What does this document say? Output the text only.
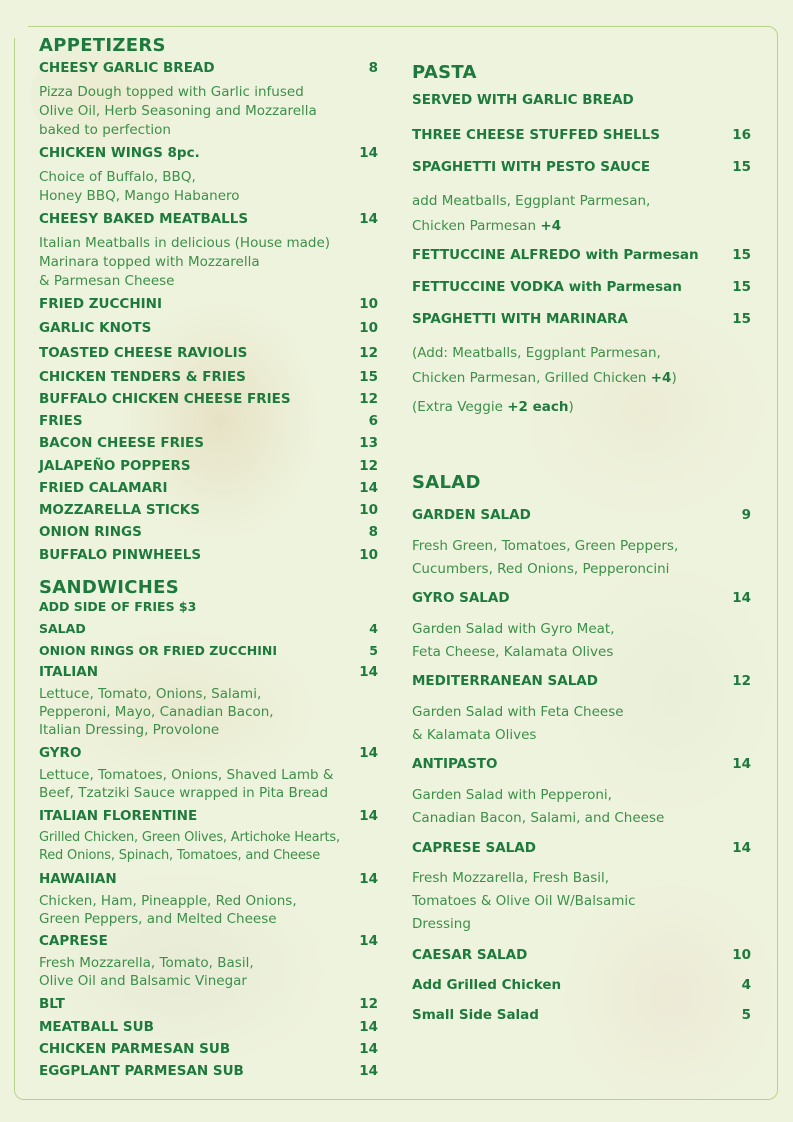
APPETIZERS
CHEESY GARLIC BREAD	8
Pizza Dough topped with Garlic infused
Olive Oil, Herb Seasoning and Mozzarella
baked to perfection
CHICKEN WINGS 8pc.	14
Choice of Buffalo, BBQ,
Honey BBQ, Mango Habanero
CHEESY BAKED MEATBALLS	14
Italian Meatballs in delicious (House made)
Marinara topped with Mozzarella
& Parmesan Cheese
FRIED ZUCCHINI	10
GARLIC KNOTS	10
TOASTED CHEESE RAVIOLIS	12
CHICKEN TENDERS & FRIES	15
BUFFALO CHICKEN CHEESE FRIES	12
FRIES	6
BACON CHEESE FRIES	13
JALAPEÑO POPPERS	12
FRIED CALAMARI	14
MOZZARELLA STICKS	10
ONION RINGS	8
BUFFALO PINWHEELS	10
SANDWICHES
ADD SIDE OF FRIES $3
SALAD	4
ONION RINGS OR FRIED ZUCCHINI	5
ITALIAN	14
Lettuce, Tomato, Onions, Salami,
Pepperoni, Mayo, Canadian Bacon,
Italian Dressing, Provolone
GYRO	14
Lettuce, Tomatoes, Onions, Shaved Lamb &
Beef, Tzatziki Sauce wrapped in Pita Bread
ITALIAN FLORENTINE	14
Grilled Chicken, Green Olives, Artichoke Hearts,
Red Onions, Spinach, Tomatoes, and Cheese
HAWAIIAN	14
Chicken, Ham, Pineapple, Red Onions,
Green Peppers, and Melted Cheese
CAPRESE	14
Fresh Mozzarella, Tomato, Basil,
Olive Oil and Balsamic Vinegar
BLT	12
MEATBALL SUB	14
CHICKEN PARMESAN SUB	14
EGGPLANT PARMESAN SUB	14
PASTA
SERVED WITH GARLIC BREAD
THREE CHEESE STUFFED SHELLS	16
SPAGHETTI WITH PESTO SAUCE	15
add Meatballs, Eggplant Parmesan,
Chicken Parmesan +4
FETTUCCINE ALFREDO with Parmesan 15
FETTUCCINE VODKA with Parmesan	15
SPAGHETTI WITH MARINARA	15
(Add: Meatballs, Eggplant Parmesan,
Chicken Parmesan, Grilled Chicken +4)
(Extra Veggie +2 each)
SALAD
GARDEN SALAD	9
Fresh Green, Tomatoes, Green Peppers,
Cucumbers, Red Onions, Pepperoncini
GYRO SALAD	14
Garden Salad with Gyro Meat,
Feta Cheese, Kalamata Olives
MEDITERRANEAN SALAD	12
Garden Salad with Feta Cheese
& Kalamata Olives
ANTIPASTO	14
Garden Salad with Pepperoni,
Canadian Bacon, Salami, and Cheese
CAPRESE SALAD	14
Fresh Mozzarella, Fresh Basil,
Tomatoes & Olive Oil W/Balsamic
Dressing
CAESAR SALAD	10
Add Grilled Chicken	4
Small Side Salad	5
